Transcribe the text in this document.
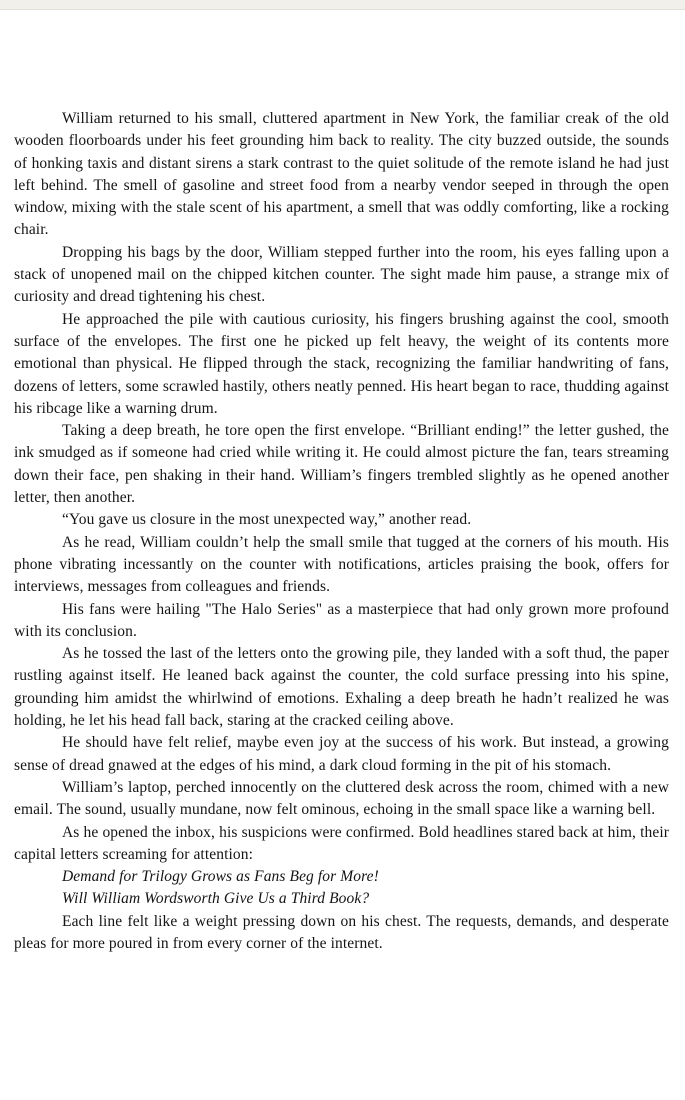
William returned to his small, cluttered apartment in New York, the familiar creak of the old wooden floorboards under his feet grounding him back to reality. The city buzzed outside, the sounds of honking taxis and distant sirens a stark contrast to the quiet solitude of the remote island he had just left behind. The smell of gasoline and street food from a nearby vendor seeped in through the open window, mixing with the stale scent of his apartment, a smell that was oddly comforting, like a rocking chair.

Dropping his bags by the door, William stepped further into the room, his eyes falling upon a stack of unopened mail on the chipped kitchen counter. The sight made him pause, a strange mix of curiosity and dread tightening his chest.

He approached the pile with cautious curiosity, his fingers brushing against the cool, smooth surface of the envelopes. The first one he picked up felt heavy, the weight of its contents more emotional than physical. He flipped through the stack, recognizing the familiar handwriting of fans, dozens of letters, some scrawled hastily, others neatly penned. His heart began to race, thudding against his ribcage like a warning drum.

Taking a deep breath, he tore open the first envelope. “Brilliant ending!” the letter gushed, the ink smudged as if someone had cried while writing it. He could almost picture the fan, tears streaming down their face, pen shaking in their hand. William’s fingers trembled slightly as he opened another letter, then another.

“You gave us closure in the most unexpected way,” another read.

As he read, William couldn’t help the small smile that tugged at the corners of his mouth. His phone vibrating incessantly on the counter with notifications, articles praising the book, offers for interviews, messages from colleagues and friends.

His fans were hailing "The Halo Series" as a masterpiece that had only grown more profound with its conclusion.

As he tossed the last of the letters onto the growing pile, they landed with a soft thud, the paper rustling against itself. He leaned back against the counter, the cold surface pressing into his spine, grounding him amidst the whirlwind of emotions. Exhaling a deep breath he hadn’t realized he was holding, he let his head fall back, staring at the cracked ceiling above.

He should have felt relief, maybe even joy at the success of his work. But instead, a growing sense of dread gnawed at the edges of his mind, a dark cloud forming in the pit of his stomach.

William’s laptop, perched innocently on the cluttered desk across the room, chimed with a new email. The sound, usually mundane, now felt ominous, echoing in the small space like a warning bell.

As he opened the inbox, his suspicions were confirmed. Bold headlines stared back at him, their capital letters screaming for attention:

Demand for Trilogy Grows as Fans Beg for More!

Will William Wordsworth Give Us a Third Book?

Each line felt like a weight pressing down on his chest. The requests, demands, and desperate pleas for more poured in from every corner of the internet.
